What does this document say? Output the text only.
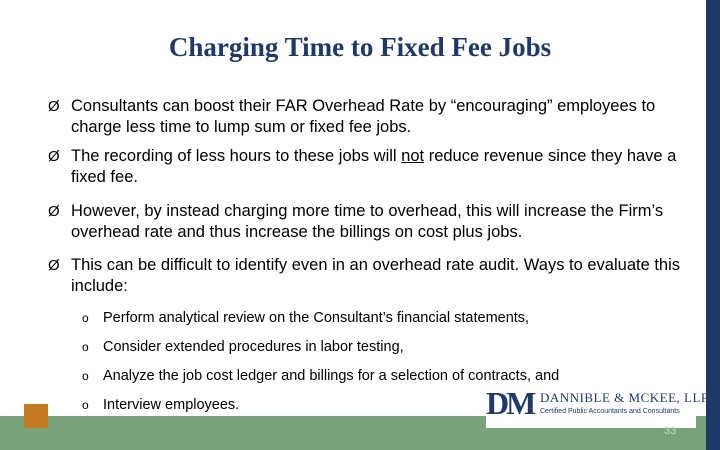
Charging Time to Fixed Fee Jobs
Ø Consultants can boost their FAR Overhead Rate by “encouraging” employees to charge less time to lump sum or fixed fee jobs.
Ø The recording of less hours to these jobs will not reduce revenue since they have a fixed fee.
Ø However, by instead charging more time to overhead, this will increase the Firm’s overhead rate and thus increase the billings on cost plus jobs.
Ø This can be difficult to identify even in an overhead rate audit. Ways to evaluate this include:
o Perform analytical review on the Consultant’s financial statements,
o Consider extended procedures in labor testing,
o Analyze the job cost ledger and billings for a selection of contracts, and
o Interview employees.	DM DANNIBLE & MCKEE, LLP
Certified Public Accountants and Consultants
33
